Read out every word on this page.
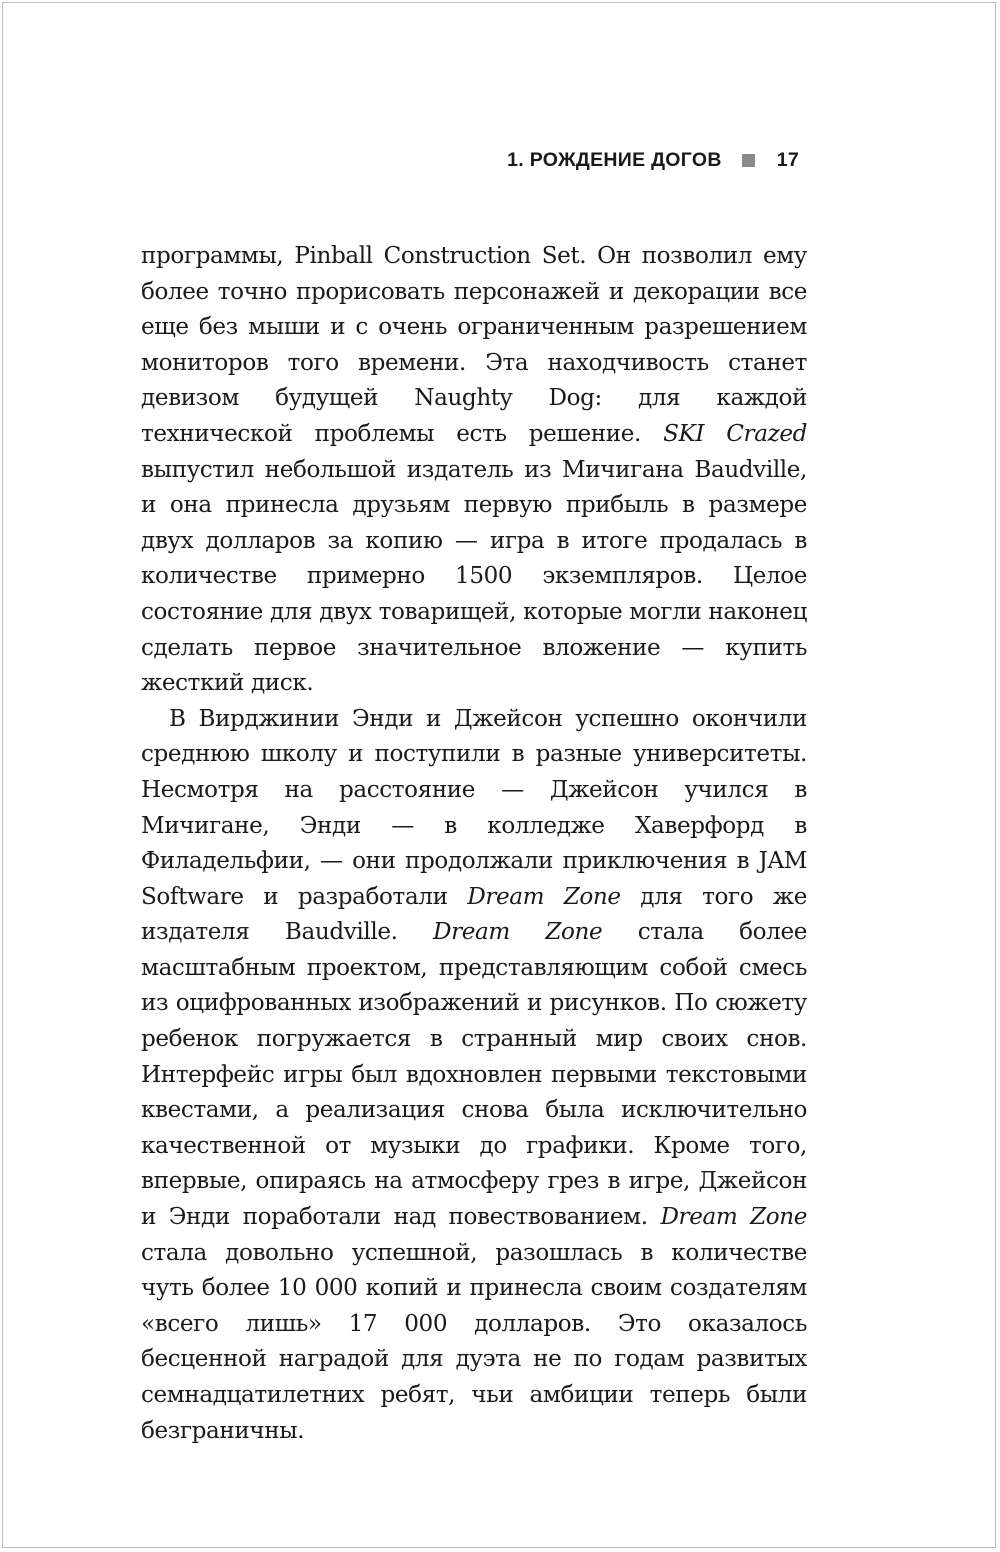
1. РОЖДЕНИЕ ДОГОВ	17

программы, Pinball Construction Set. Он позволил ему более точно прорисовать персонажей и декорации все еще без мыши и с очень ограниченным разрешением мониторов того времени. Эта находчивость станет девизом будущей Naughty Dog: для каждой технической проблемы есть решение. SKI Crazed выпустил небольшой издатель из Мичигана Baudville, и она принесла друзьям первую прибыль в размере двух долларов за копию — игра в итоге продалась в количестве примерно 1500 экземпляров. Целое состояние для двух товарищей, которые могли наконец сделать первое значительное вложение — купить жесткий диск.

В Вирджинии Энди и Джейсон успешно окончили среднюю школу и поступили в разные университеты. Несмотря на расстояние — Джейсон учился в Мичигане, Энди — в колледже Хаверфорд в Филадельфии, — они продолжали приключения в JAM Software и разработали Dream Zone для того же издателя Baudville. Dream Zone стала более масштабным проектом, представляющим собой смесь из оцифрованных изображений и рисунков. По сюжету ребенок погружается в странный мир своих снов. Интерфейс игры был вдохновлен первыми текстовыми квестами, а реализация снова была исключительно качественной от музыки до графики. Кроме того, впервые, опираясь на атмосферу грез в игре, Джейсон и Энди поработали над повествованием. Dream Zone стала довольно успешной, разошлась в количестве чуть более 10 000 копий и принесла своим создателям «всего лишь» 17 000 долларов. Это оказалось бесценной наградой для дуэта не по годам развитых семнадцатилетних ребят, чьи амбиции теперь были безграничны.
